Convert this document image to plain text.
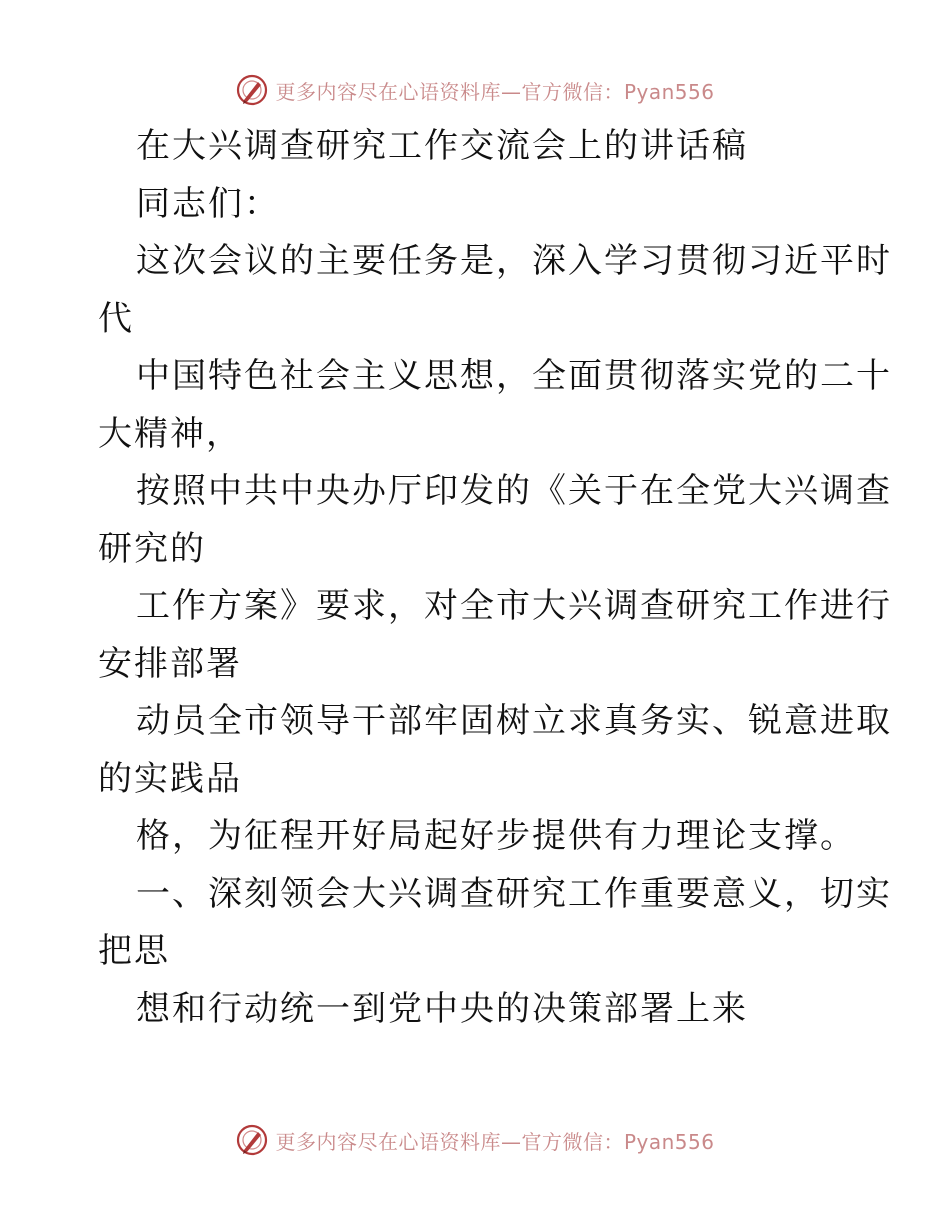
更多内容尽在心语资料库—官方微信：Pyan556
在大兴调查研究工作交流会上的讲话稿
同志们：
这次会议的主要任务是，深入学习贯彻习近平时
代
中国特色社会主义思想，全面贯彻落实党的二十
大精神，
按照中共中央办厅印发的《关于在全党大兴调查
研究的
工作方案》要求，对全市大兴调查研究工作进行
安排部署
动员全市领导干部牢固树立求真务实、锐意进取
的实践品
格，为征程开好局起好步提供有力理论支撑。
一、深刻领会大兴调查研究工作重要意义，切实
把思
想和行动统一到党中央的决策部署上来
更多内容尽在心语资料库—官方微信：Pyan556
